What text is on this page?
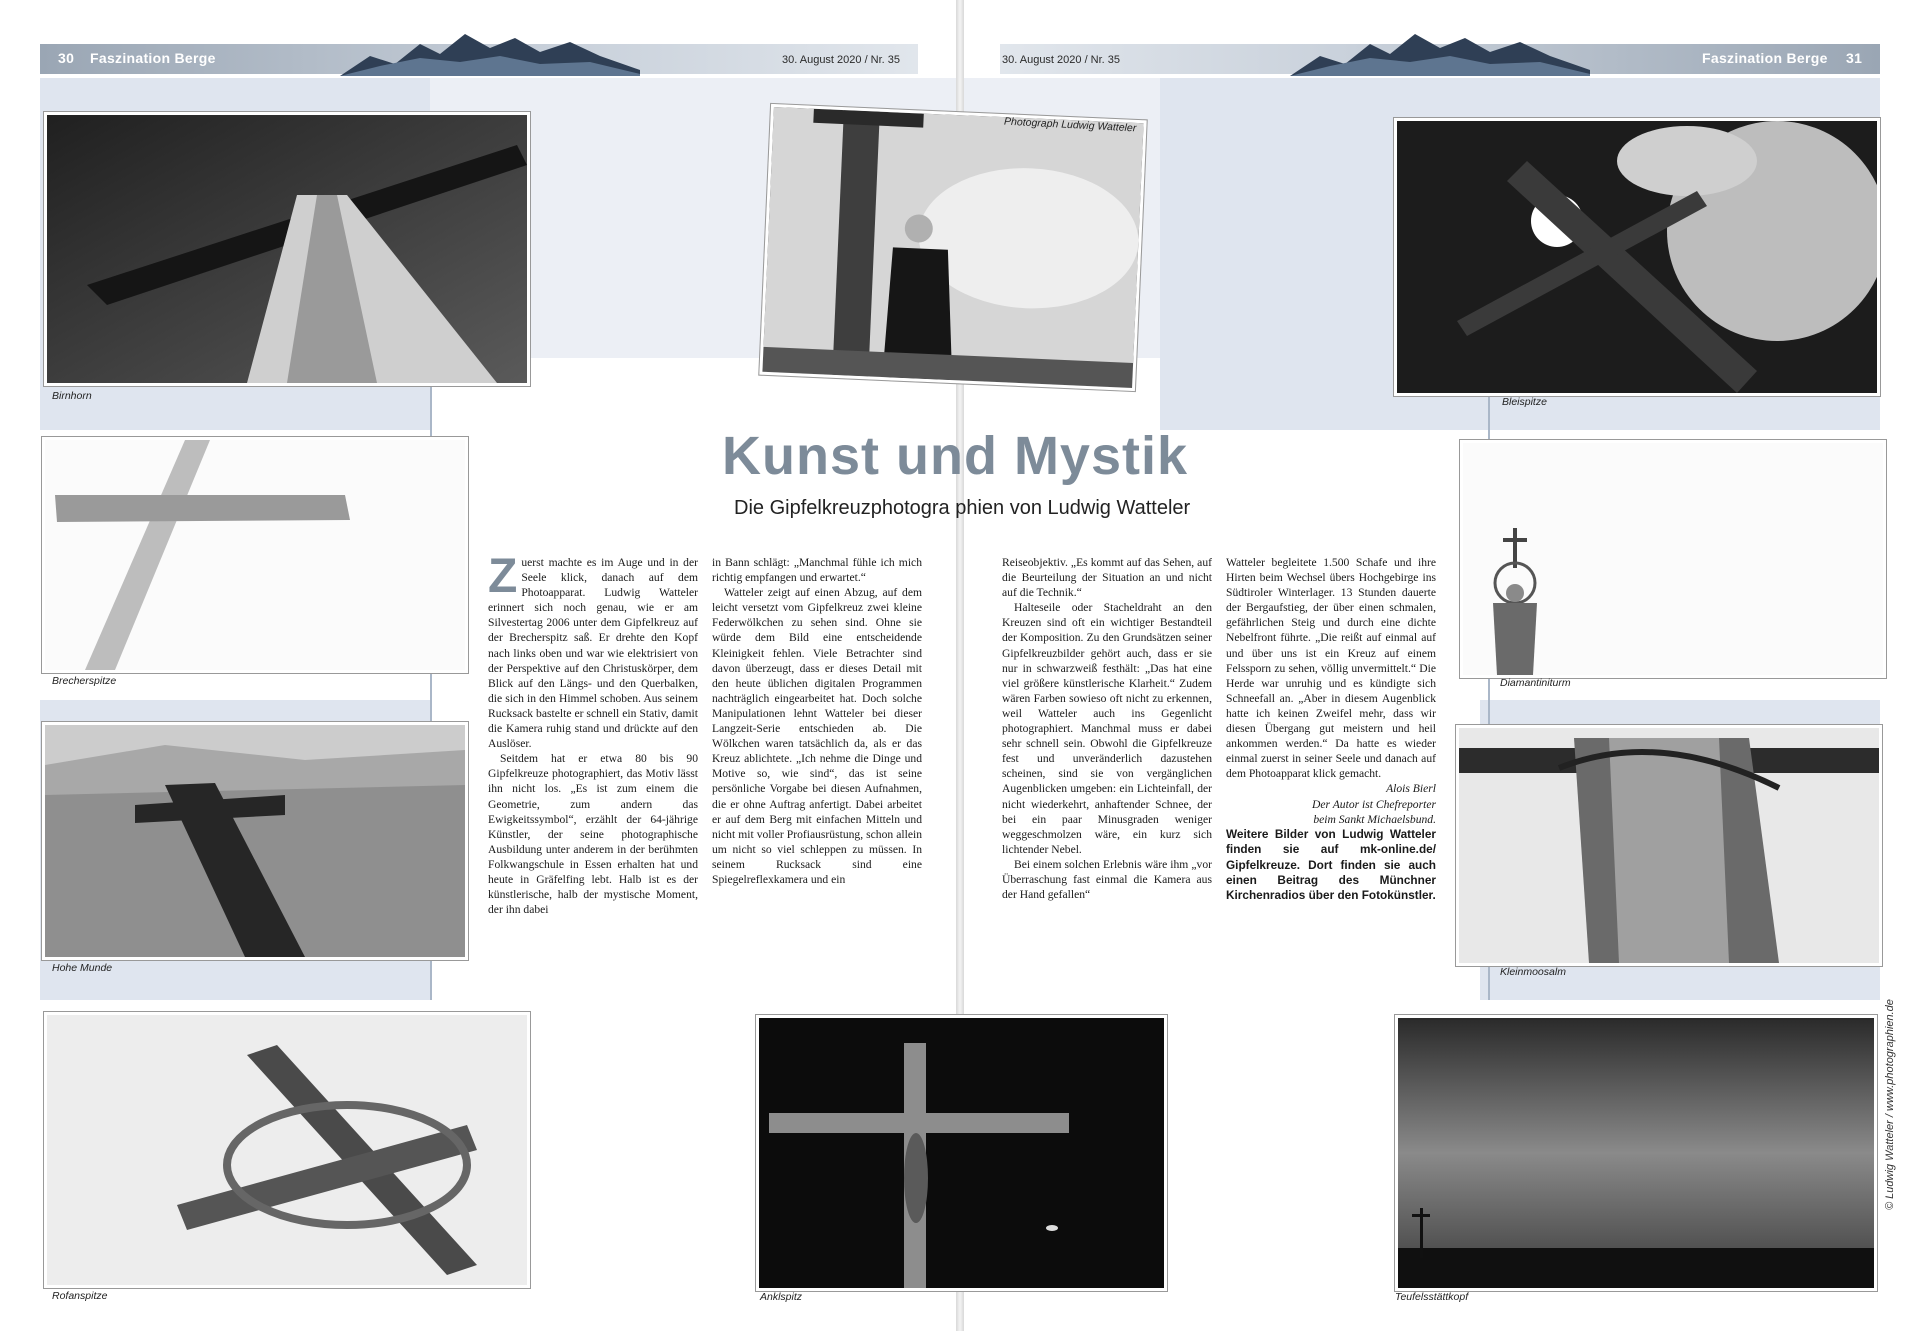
30 Faszination Berge	30. August 2020 / Nr. 35	30. August 2020 / Nr. 35	Faszination Berge 31
Birnhorn
Brecherspitze
Hohe Munde
Rofanspitze
Photograph Ludwig Watteler
Anklspitz
Bleispitze
Diamantiniturm
Kleinmoosalm
Teufelsstättkopf
Kunst und Mystik
Die Gipfelkreuzphotogra phien von Ludwig Watteler

Zuerst machte es im Auge und in der Seele klick, danach auf dem Photoapparat. Ludwig Watteler erinnert sich noch genau, wie er am Silvestertag 2006 unter dem Gipfelkreuz auf der Brecherspitz saß. Er drehte den Kopf nach links oben und war wie elektrisiert von der Perspektive auf den Christuskörper, dem Blick auf den Längs- und den Querbalken, die sich in den Himmel schoben. Aus seinem Rucksack bastelte er schnell ein Stativ, damit die Kamera ruhig stand und drückte auf den Auslöser.

Seitdem hat er etwa 80 bis 90 Gipfelkreuze photographiert, das Motiv lässt ihn nicht los. „Es ist zum einem die Geometrie, zum andern das Ewigkeitssymbol“, erzählt der 64-jährige Künstler, der seine photographische Ausbildung unter anderem in der berühmten Folkwangschule in Essen erhalten hat und heute in Gräfelfing lebt. Halb ist es der künstlerische, halb der mystische Moment, der ihn dabei

in Bann schlägt: „Manchmal fühle ich mich richtig empfangen und erwartet.“

Watteler zeigt auf einen Abzug, auf dem leicht versetzt vom Gipfelkreuz zwei kleine Federwölkchen zu sehen sind. Ohne sie würde dem Bild eine entscheidende Kleinigkeit fehlen. Viele Betrachter sind davon überzeugt, dass er dieses Detail mit den heute üblichen digitalen Programmen nachträglich eingearbeitet hat. Doch solche Manipulationen lehnt Watteler bei dieser Langzeit-Serie entschieden ab. Die Wölkchen waren tatsächlich da, als er das Kreuz ablichtete. „Ich nehme die Dinge und Motive so, wie sind“, das ist seine persönliche Vorgabe bei diesen Aufnahmen, die er ohne Auftrag anfertigt. Dabei arbeitet er auf dem Berg mit einfachen Mitteln und nicht mit voller Profiausrüstung, schon allein um nicht so viel schleppen zu müssen. In seinem Rucksack sind eine Spiegelreflexkamera und ein

Reiseobjektiv. „Es kommt auf das Sehen, auf die Beurteilung der Situation an und nicht auf die Technik.“

Halteseile oder Stacheldraht an den Kreuzen sind oft ein wichtiger Bestandteil der Komposition. Zu den Grundsätzen seiner Gipfelkreuzbilder gehört auch, dass er sie nur in schwarzweiß festhält: „Das hat eine viel größere künstlerische Klarheit.“ Zudem wären Farben sowieso oft nicht zu erkennen, weil Watteler auch ins Gegenlicht photographiert. Manchmal muss er dabei sehr schnell sein. Obwohl die Gipfelkreuze fest und unveränderlich dazustehen scheinen, sind sie von vergänglichen Augenblicken umgeben: ein Lichteinfall, der nicht wiederkehrt, anhaftender Schnee, der bei ein paar Minusgraden weniger weggeschmolzen wäre, ein kurz sich lichtender Nebel.

Bei einem solchen Erlebnis wäre ihm „vor Überraschung fast einmal die Kamera aus der Hand gefallen“

Watteler begleitete 1.500 Schafe und ihre Hirten beim Wechsel übers Hochgebirge ins Südtiroler Winterlager. 13 Stunden dauerte der Bergaufstieg, der über einen schmalen, gefährlichen Steig und durch eine dichte Nebelfront führte. „Die reißt auf einmal auf und über uns ist ein Kreuz auf einem Felssporn zu sehen, völlig unvermittelt.“ Die Herde war unruhig und es kündigte sich Schneefall an. „Aber in diesem Augenblick hatte ich keinen Zweifel mehr, dass wir diesen Übergang gut meistern und heil ankommen werden.“ Da hatte es wieder einmal zuerst in seiner Seele und danach auf dem Photoapparat klick gemacht.

Alois Bierl

Der Autor ist Chefreporter

beim Sankt Michaelsbund.

Weitere Bilder von Ludwig Watteler finden sie auf mk-online.de/ Gipfelkreuze. Dort finden sie auch einen Beitrag des Münchner Kirchenradios über den Fotokünstler.

© Ludwig Watteler / www.photographien.de
